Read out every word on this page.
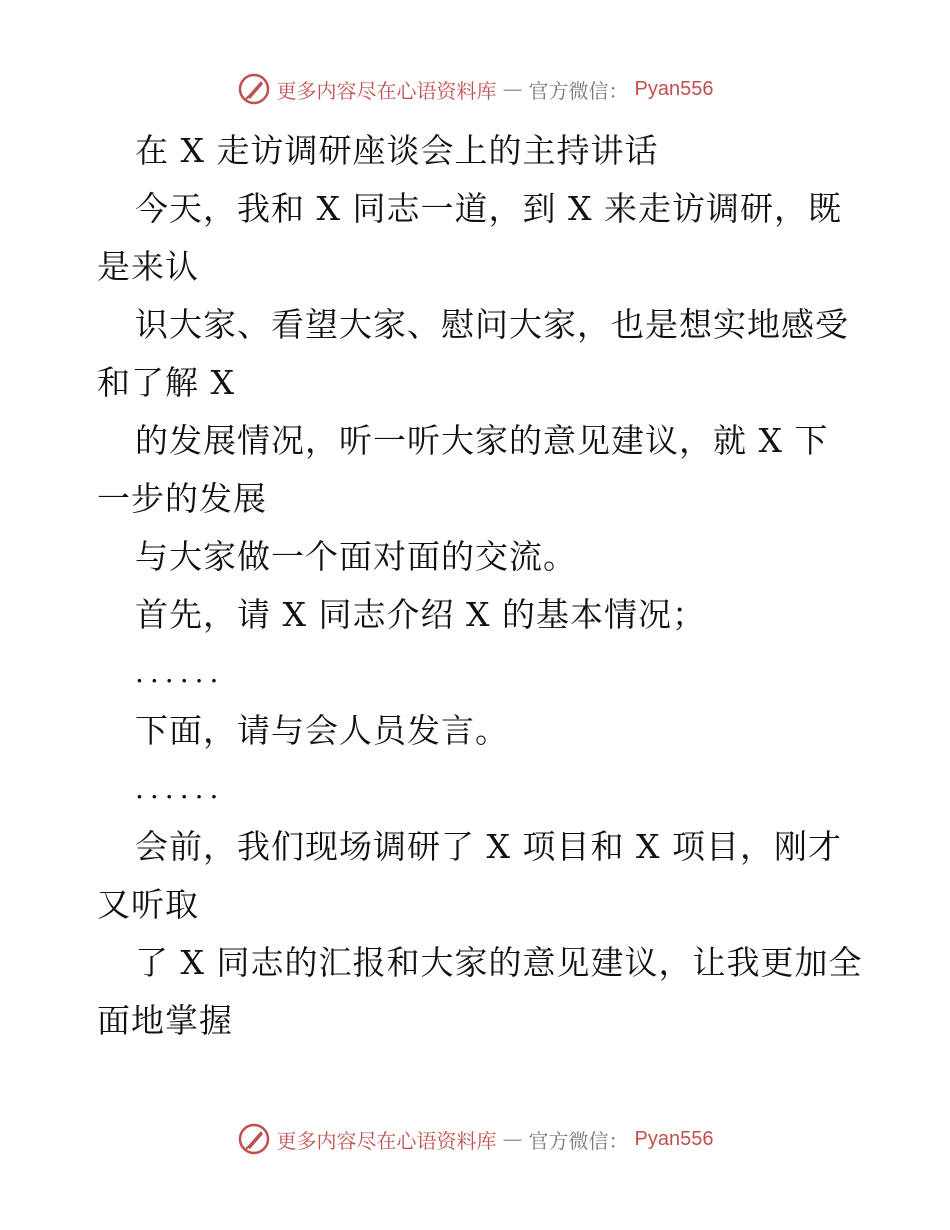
更多内容尽在心语资料库 — 官方微信： Pyan556
在 X 走访调研座谈会上的主持讲话
今天，我和 X 同志一道，到 X 来走访调研，既
是来认
识大家、看望大家、慰问大家，也是想实地感受
和了解 X
的发展情况，听一听大家的意见建议，就 X 下
一步的发展
与大家做一个面对面的交流。
首先，请 X 同志介绍 X 的基本情况；
......
下面，请与会人员发言。
......
会前，我们现场调研了 X 项目和 X 项目，刚才
又听取
了 X 同志的汇报和大家的意见建议，让我更加全
面地掌握
更多内容尽在心语资料库 — 官方微信： Pyan556
